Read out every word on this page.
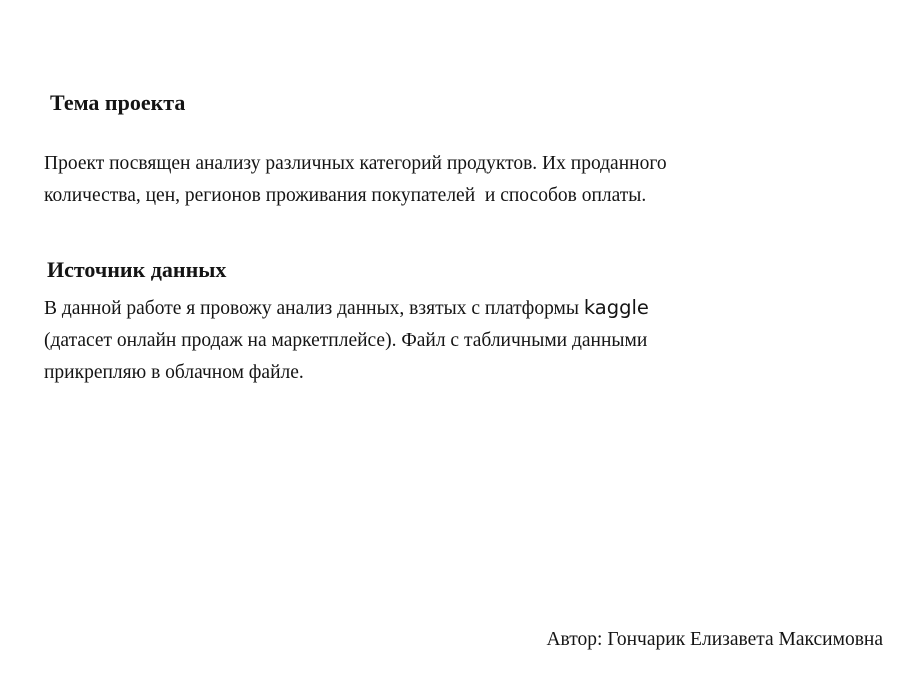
Тема проекта

Проект посвящен анализу различных категорий продуктов. Их проданного
количества, цен, регионов проживания покупателей  и способов оплаты.

Источник данных

В данной работе я провожу анализ данных, взятых с платформы kaggle
(датасет онлайн продаж на маркетплейсе). Файл с табличными данными
прикрепляю в облачном файле.

Автор: Гончарик Елизавета Максимовна
